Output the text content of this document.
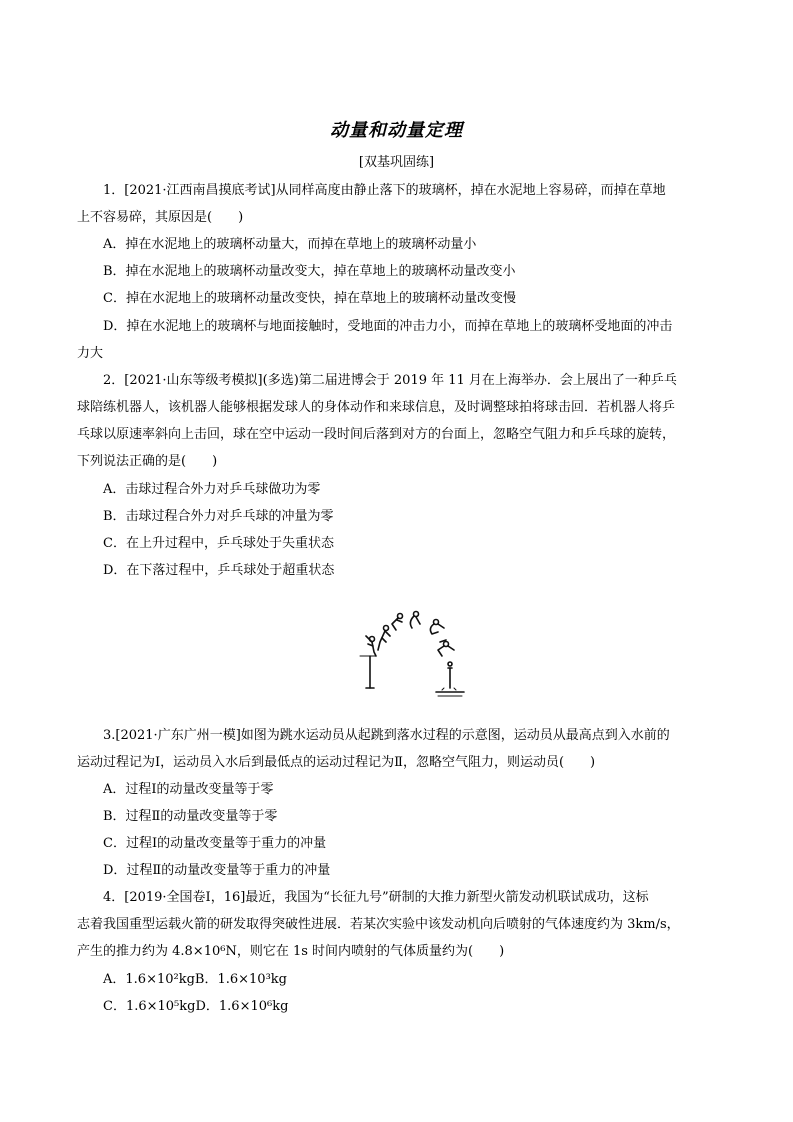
动量和动量定理
[双基巩固练]
1．[2021·江西南昌摸底考试]从同样高度由静止落下的玻璃杯，掉在水泥地上容易碎，而掉在草地
上不容易碎，其原因是(　　)
A．掉在水泥地上的玻璃杯动量大，而掉在草地上的玻璃杯动量小
B．掉在水泥地上的玻璃杯动量改变大，掉在草地上的玻璃杯动量改变小
C．掉在水泥地上的玻璃杯动量改变快，掉在草地上的玻璃杯动量改变慢
D．掉在水泥地上的玻璃杯与地面接触时，受地面的冲击力小，而掉在草地上的玻璃杯受地面的冲击
力大
2．[2021·山东等级考模拟](多选)第二届进博会于 2019 年 11 月在上海举办．会上展出了一种乒乓
球陪练机器人，该机器人能够根据发球人的身体动作和来球信息，及时调整球拍将球击回．若机器人将乒
乓球以原速率斜向上击回，球在空中运动一段时间后落到对方的台面上，忽略空气阻力和乒乓球的旋转，
下列说法正确的是(　　)
A．击球过程合外力对乒乓球做功为零
B．击球过程合外力对乒乓球的冲量为零
C．在上升过程中，乒乓球处于失重状态
D．在下落过程中，乒乓球处于超重状态
3.[2021·广东广州一模]如图为跳水运动员从起跳到落水过程的示意图，运动员从最高点到入水前的
运动过程记为Ⅰ，运动员入水后到最低点的运动过程记为Ⅱ，忽略空气阻力，则运动员(　　)
A．过程Ⅰ的动量改变量等于零
B．过程Ⅱ的动量改变量等于零
C．过程Ⅰ的动量改变量等于重力的冲量
D．过程Ⅱ的动量改变量等于重力的冲量
4．[2019·全国卷Ⅰ，16]最近，我国为“长征九号”研制的大推力新型火箭发动机联试成功，这标
志着我国重型运载火箭的研发取得突破性进展．若某次实验中该发动机向后喷射的气体速度约为 3km/s，
产生的推力约为 4.8×10⁶N，则它在 1s 时间内喷射的气体质量约为(　　)
A．1.6×10²kgB．1.6×10³kg
C．1.6×10⁵kgD．1.6×10⁶kg
